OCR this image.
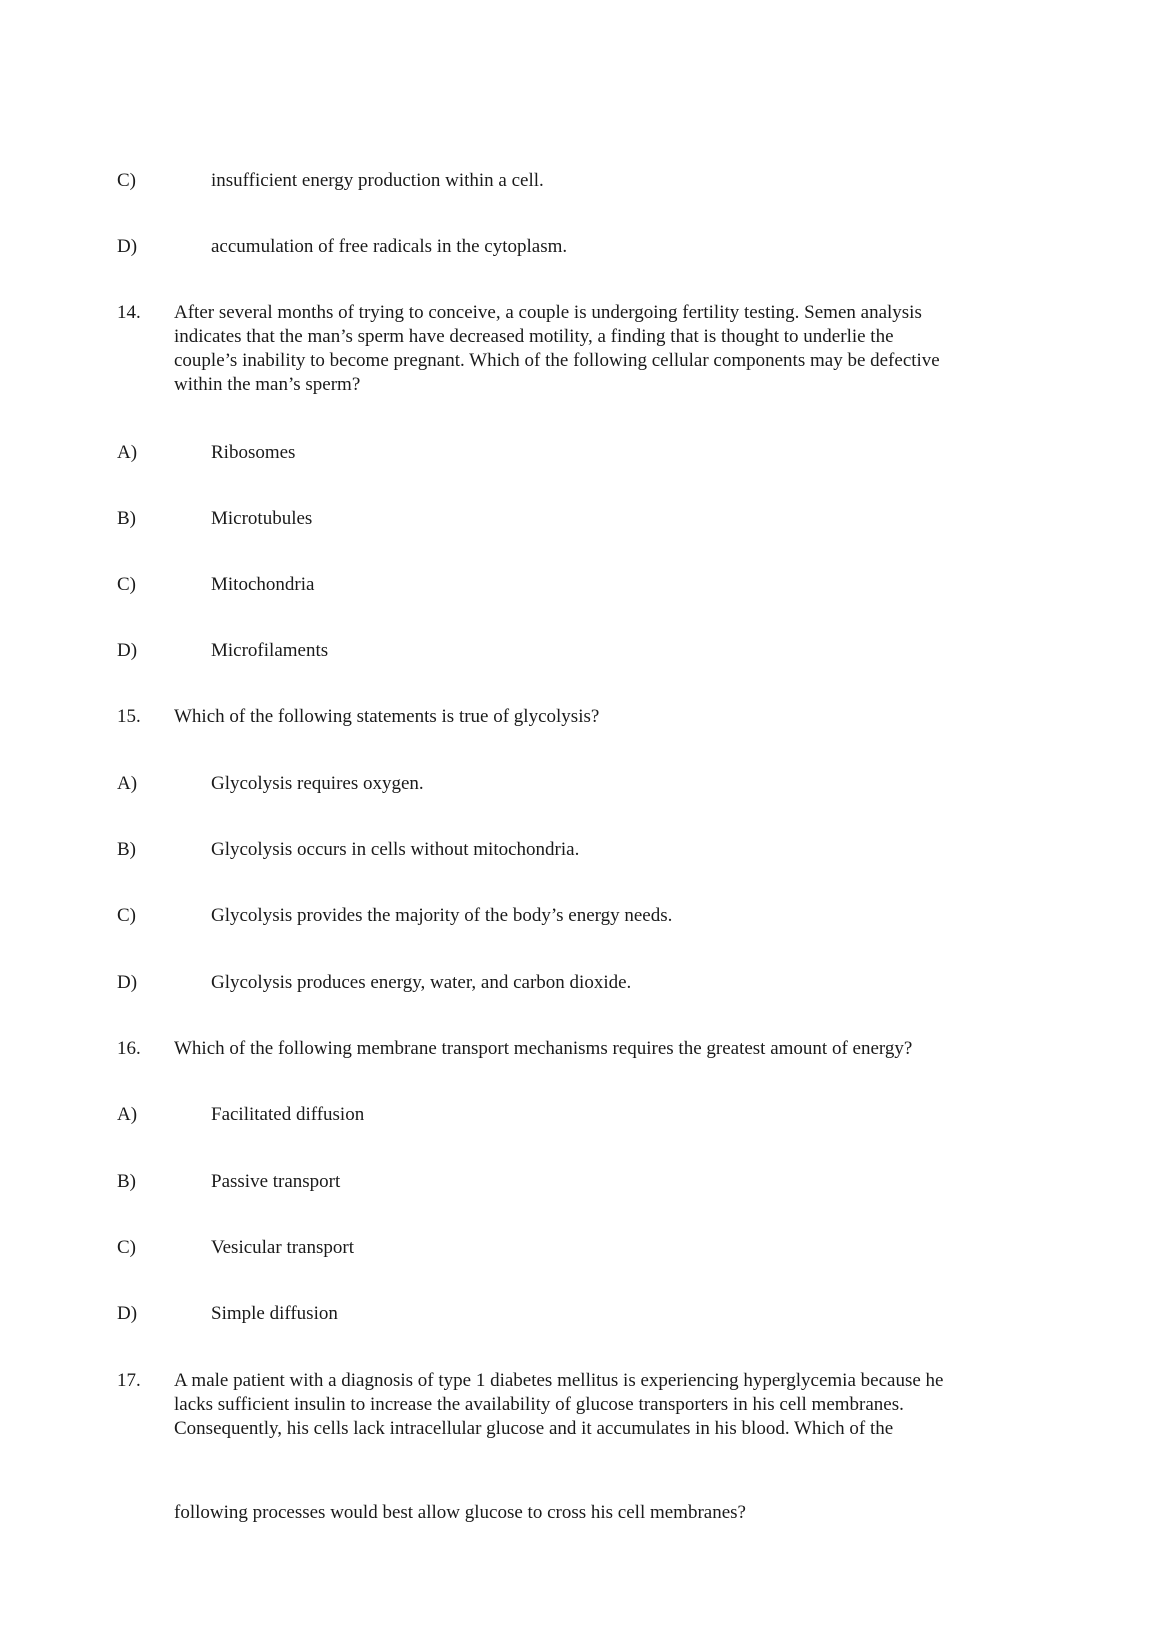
C)	insufficient energy production within a cell.
D)	accumulation of free radicals in the cytoplasm.
14. After several months of trying to conceive, a couple is undergoing fertility testing. Semen analysis
indicates that the man’s sperm have decreased motility, a finding that is thought to underlie the
couple’s inability to become pregnant. Which of the following cellular components may be defective
within the man’s sperm?
A)	Ribosomes
B)	Microtubules
C)	Mitochondria
D)	Microfilaments
15. Which of the following statements is true of glycolysis?
A)	Glycolysis requires oxygen.
B)	Glycolysis occurs in cells without mitochondria.
C)	Glycolysis provides the majority of the body’s energy needs.
D)	Glycolysis produces energy, water, and carbon dioxide.
16. Which of the following membrane transport mechanisms requires the greatest amount of energy?
A)	Facilitated diffusion
B)	Passive transport
C)	Vesicular transport
D)	Simple diffusion
17. A male patient with a diagnosis of type 1 diabetes mellitus is experiencing hyperglycemia because he
lacks sufficient insulin to increase the availability of glucose transporters in his cell membranes.
Consequently, his cells lack intracellular glucose and it accumulates in his blood. Which of the
following processes would best allow glucose to cross his cell membranes?
